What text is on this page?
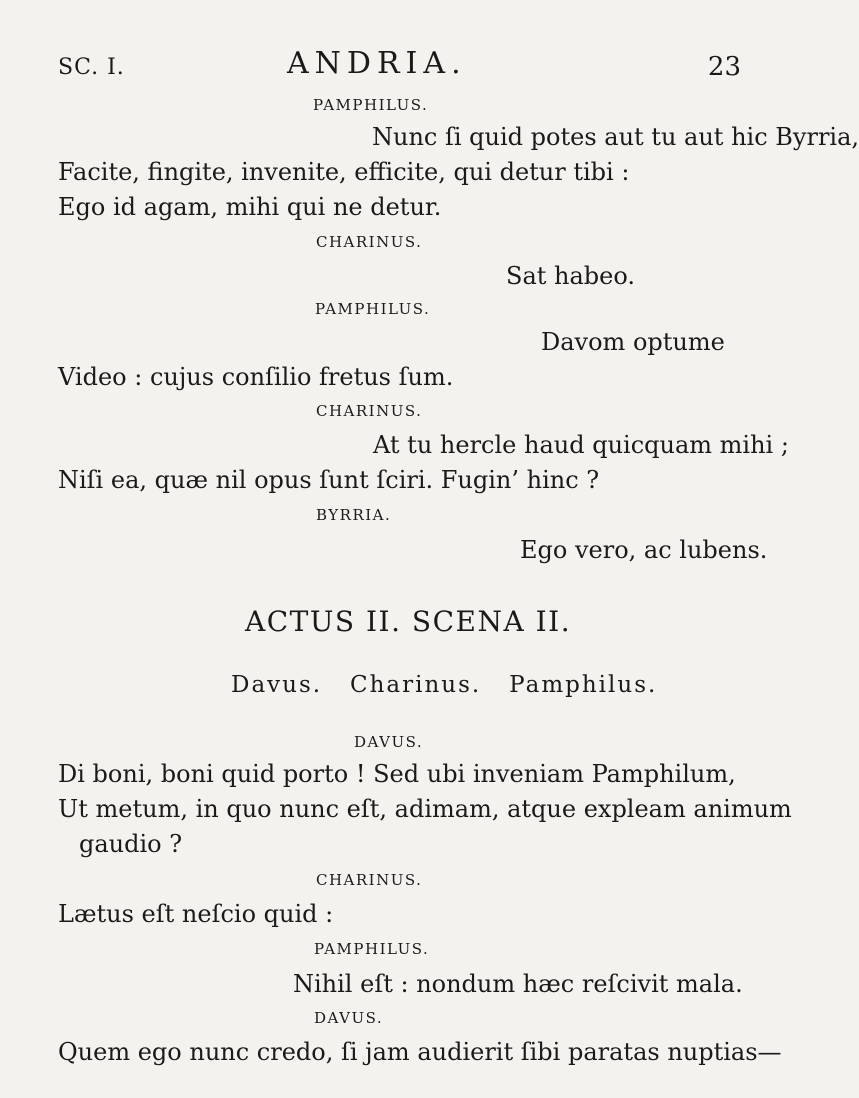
SC. I.	ANDRIA.	23
PAMPHILUS.
Nunc ſi quid potes aut tu aut hic Byrria,
Facite, fingite, invenite, efficite, qui detur tibi :
Ego id agam, mihi qui ne detur.
CHARINUS.
Sat habeo.
PAMPHILUS.
Davom optume
Video : cujus conſilio fretus ſum.
CHARINUS.
At tu hercle haud quicquam mihi ;
Niſi ea, quæ nil opus ſunt ſciri. Fugin’ hinc ?
BYRRIA.
Ego vero, ac lubens.
ACTUS II. SCENA II.
Davus. Charinus. Pamphilus.
DAVUS.
Di boni, boni quid porto ! Sed ubi inveniam Pamphilum,
Ut metum, in quo nunc eſt, adimam, atque expleam animum
gaudio ?
CHARINUS.
Lætus eſt neſcio quid :
PAMPHILUS.
Nihil eſt : nondum hæc reſcivit mala.
DAVUS.
Quem ego nunc credo, ſi jam audierit ſibi paratas nuptias—
